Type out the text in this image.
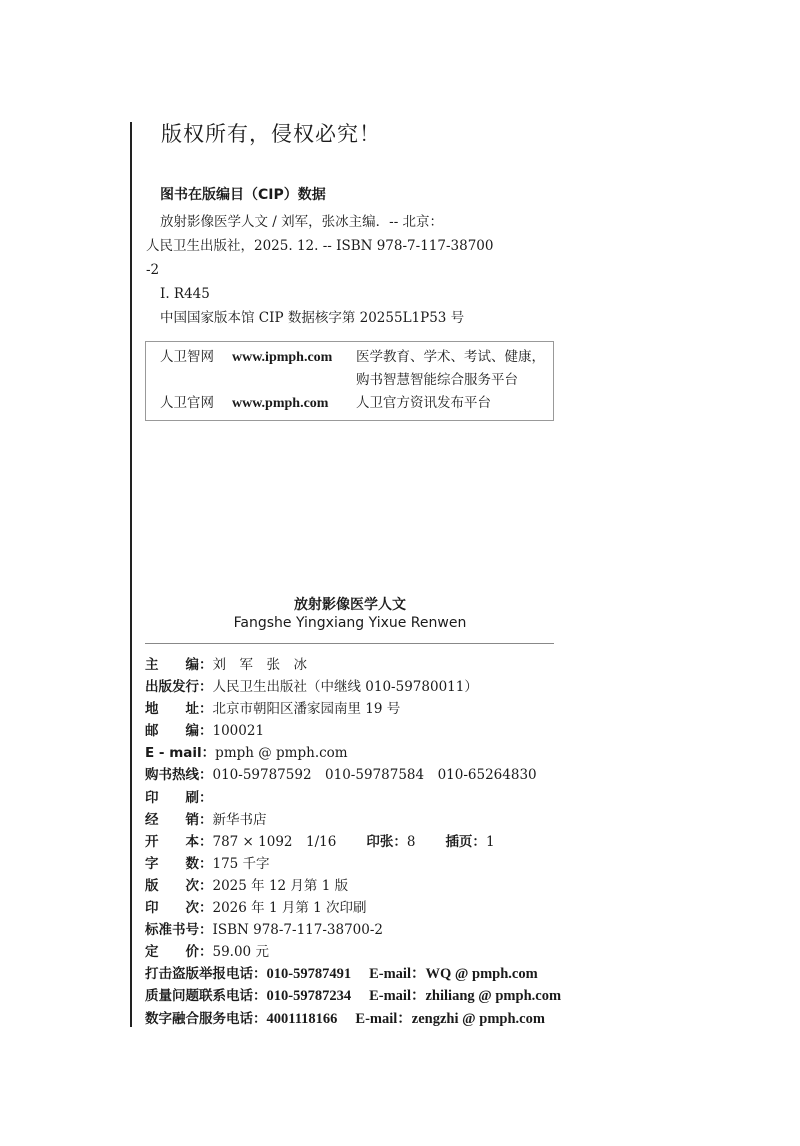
版权所有，侵权必究！
图书在版编目（CIP）数据
放射影像医学人文 / 刘军，张冰主编．-- 北京：
人民卫生出版社，2025. 12. -- ISBN 978-7-117-38700
-2
Ⅰ. R445
中国国家版本馆 CIP 数据核字第 20255L1P53 号
人卫智网	www.ipmph.com	医学教育、学术、考试、健康，
购书智慧智能综合服务平台
人卫官网	www.pmph.com	人卫官方资讯发布平台
放射影像医学人文
Fangshe Yingxiang Yixue Renwen
主　　编： 刘　军　张　冰
出版发行： 人民卫生出版社（中继线 010-59780011）
地　　址： 北京市朝阳区潘家园南里 19 号
邮　　编： 100021
E - mail： pmph @ pmph.com
购书热线： 010-59787592　010-59787584　010-65264830
印　　刷：
经　　销： 新华书店
开　　本： 787 × 1092　1/16 印张： 8 插页： 1
字　　数： 175 千字
版　　次： 2025 年 12 月第 1 版
印　　次： 2026 年 1 月第 1 次印刷
标准书号： ISBN 978-7-117-38700-2
定　　价： 59.00 元
打击盗版举报电话： 010-59787491 E-mail： WQ @ pmph.com
质量问题联系电话： 010-59787234 E-mail： zhiliang @ pmph.com
数字融合服务电话： 4001118166 E-mail： zengzhi @ pmph.com
